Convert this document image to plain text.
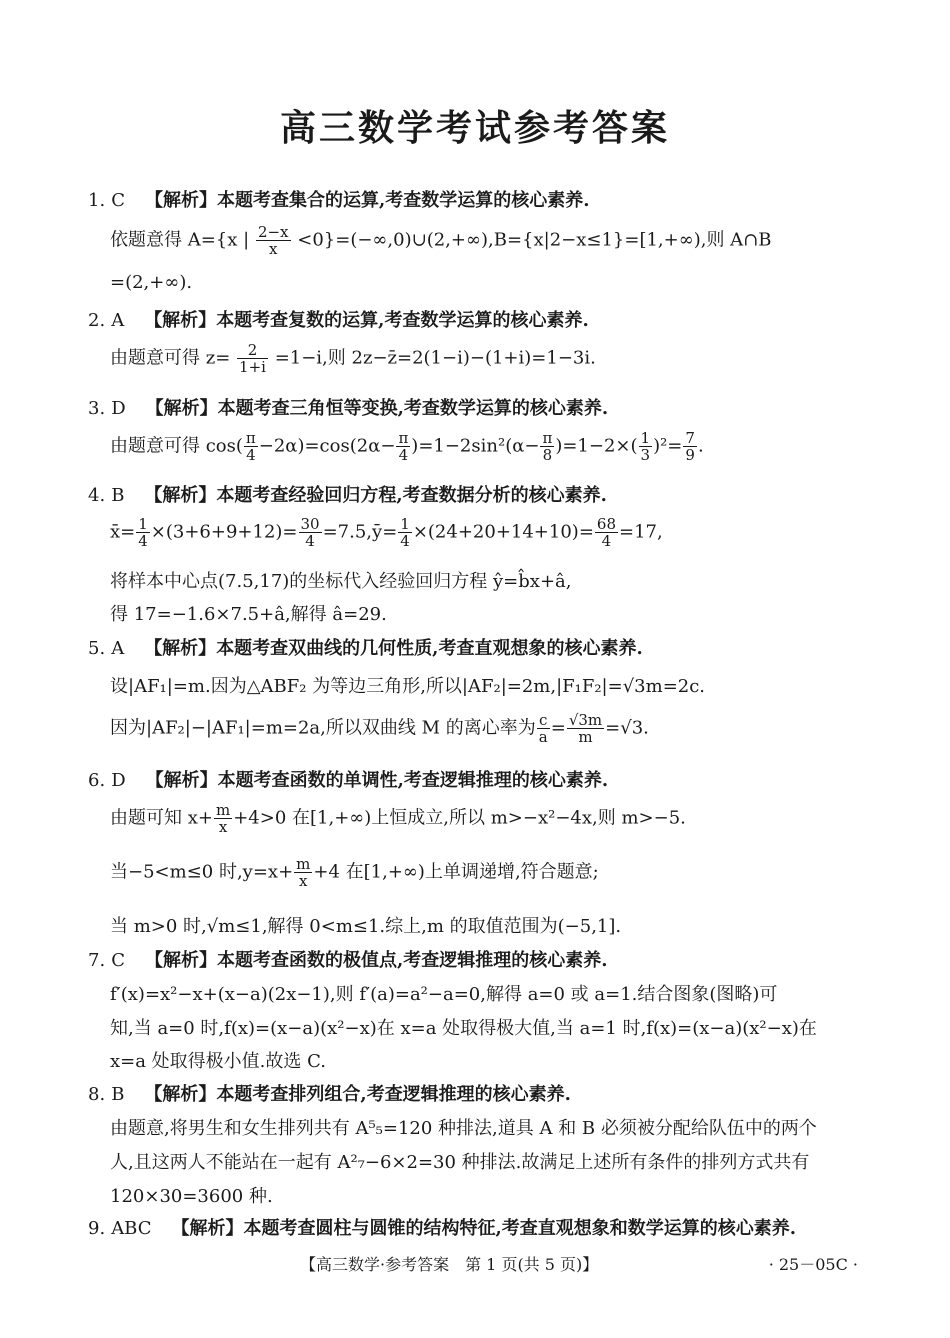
高三数学考试参考答案
1. C 【解析】本题考查集合的运算,考查数学运算的核心素养.
依题意得 A={x | $\frac{2-x}{x}$ <0}=(−∞,0)∪(2,+∞),B={x|2−x≤1}=[1,+∞),则 A∩B
=(2,+∞).
2. A 【解析】本题考查复数的运算,考查数学运算的核心素养.
由题意可得 $z= \frac{2}{1+i} =1-i$,则 2z−z̄=2(1−i)−(1+i)=1−3i.
3. D 【解析】本题考查三角恒等变换,考查数学运算的核心素养.
由题意可得 $\cos( \frac{\pi}{4} -2\alpha)=\cos(2\alpha- \frac{\pi}{4} )=1-2\sin^2(\alpha- \frac{\pi}{8} )=1-2\times( \frac{1}{3} )^2= \frac{7}{9}$ .
4. B 【解析】本题考查经验回归方程,考查数据分析的核心素养.
x̄= $\frac{1}{4} \times(3+6+9+12)= \frac{30}{4}$ =7.5,ȳ= $\frac{1}{4} \times(24+20+14+10)= \frac{68}{4} =17$,
将样本中心点(7.5,17)的坐标代入经验回归方程 ŷ=b̂x+â,
得 17=−1.6×7.5+â,解得 â=29.
5. A 【解析】本题考查双曲线的几何性质,考查直观想象的核心素养.
设|AF₁|=m.因为△ABF₂ 为等边三角形,所以|AF₂|=2m,|F₁F₂|=√3m=2c.
因为|AF₂|−|AF₁|=m=2a,所以双曲线 M 的离心率为 $\frac{c}{a} = \frac{√3m}{m} =√3$.
6. D 【解析】本题考查函数的单调性,考查逻辑推理的核心素养.
由题可知 $x+ \frac{m}{x} +4>0$ 在[1,+∞)上恒成立,所以 m>−x²−4x,则 m>−5.
当−5<m≤0 时$,y=x+ \frac{m}{x} +4$ 在[1,+∞)上单调递增,符合题意;
当 m>0 时,√m≤1,解得 0<m≤1.综上,m 的取值范围为(−5,1].
7. C 【解析】本题考查函数的极值点,考查逻辑推理的核心素养.
f′(x)=x²−x+(x−a)(2x−1),则 f′(a)=a²−a=0,解得 a=0 或 a=1.结合图象(图略)可
知,当 a=0 时,f(x)=(x−a)(x²−x)在 x=a 处取得极大值,当 a=1 时,f(x)=(x−a)(x²−x)在
x=a 处取得极小值.故选 C.
8. B 【解析】本题考查排列组合,考查逻辑推理的核心素养.
由题意,将男生和女生排列共有 A⁵₅=120 种排法,道具 A 和 B 必须被分配给队伍中的两个
人,且这两人不能站在一起有 A²₇−6×2=30 种排法.故满足上述所有条件的排列方式共有
120×30=3600 种.
9. ABC 【解析】本题考查圆柱与圆锥的结构特征,考查直观想象和数学运算的核心素养.
【高三数学·参考答案　第 1 页(共 5 页)】	· 25－05C ·
